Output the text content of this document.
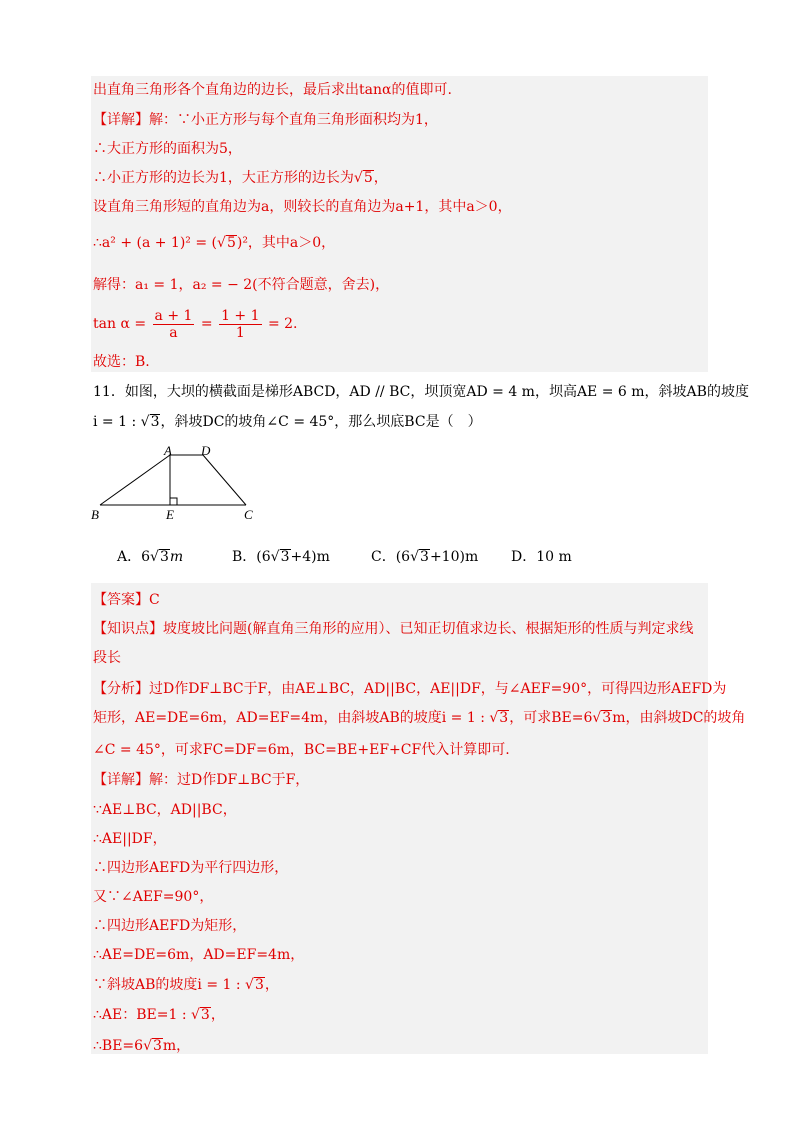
出直角三角形各个直角边的边长，最后求出tanα的值即可.
【详解】解：∵小正方形与每个直角三角形面积均为1，
∴大正方形的面积为5，
∴小正方形的边长为1，大正方形的边长为√5，
设直角三角形短的直角边为a，则较长的直角边为a+1，其中a＞0，
∴a² + (a + 1)² = (√5)²，其中a＞0，
解得：a₁ = 1，a₂ = − 2(不符合题意，舍去)，
$\tan \alpha = \frac{a + 1}{a} = \frac{1 + 1}{1} = 2$.
故选：B.
11．如图，大坝的横截面是梯形ABCD，AD // BC，坝顶宽AD = 4 m，坝高AE = 6 m，斜坡AB的坡度
i = 1 : √3，斜坡DC的坡角∠C = 45°，那么坝底BC是（　）
A D
B	E	C
A．6√3m	B．(6√3+4)m	C．(6√3+10)m D．10 m
【答案】C
【知识点】坡度坡比问题(解直角三角形的应用）、已知正切值求边长、根据矩形的性质与判定求线
段长
【分析】过D作DF⊥BC于F，由AE⊥BC，AD||BC，AE||DF，与∠AEF=90°，可得四边形AEFD为
矩形，AE=DE=6m，AD=EF=4m，由斜坡AB的坡度i = 1 : √3，可求BE=6√3m，由斜坡DC的坡角
∠C = 45°，可求FC=DF=6m，BC=BE+EF+CF代入计算即可.
【详解】解：过D作DF⊥BC于F，
∵AE⊥BC，AD||BC，
∴AE||DF，
∴四边形AEFD为平行四边形，
又∵∠AEF=90°，
∴四边形AEFD为矩形，
∴AE=DE=6m，AD=EF=4m，
∵斜坡AB的坡度i = 1 : √3，
∴AE：BE=1 : √3，
∴BE=6√3m，
